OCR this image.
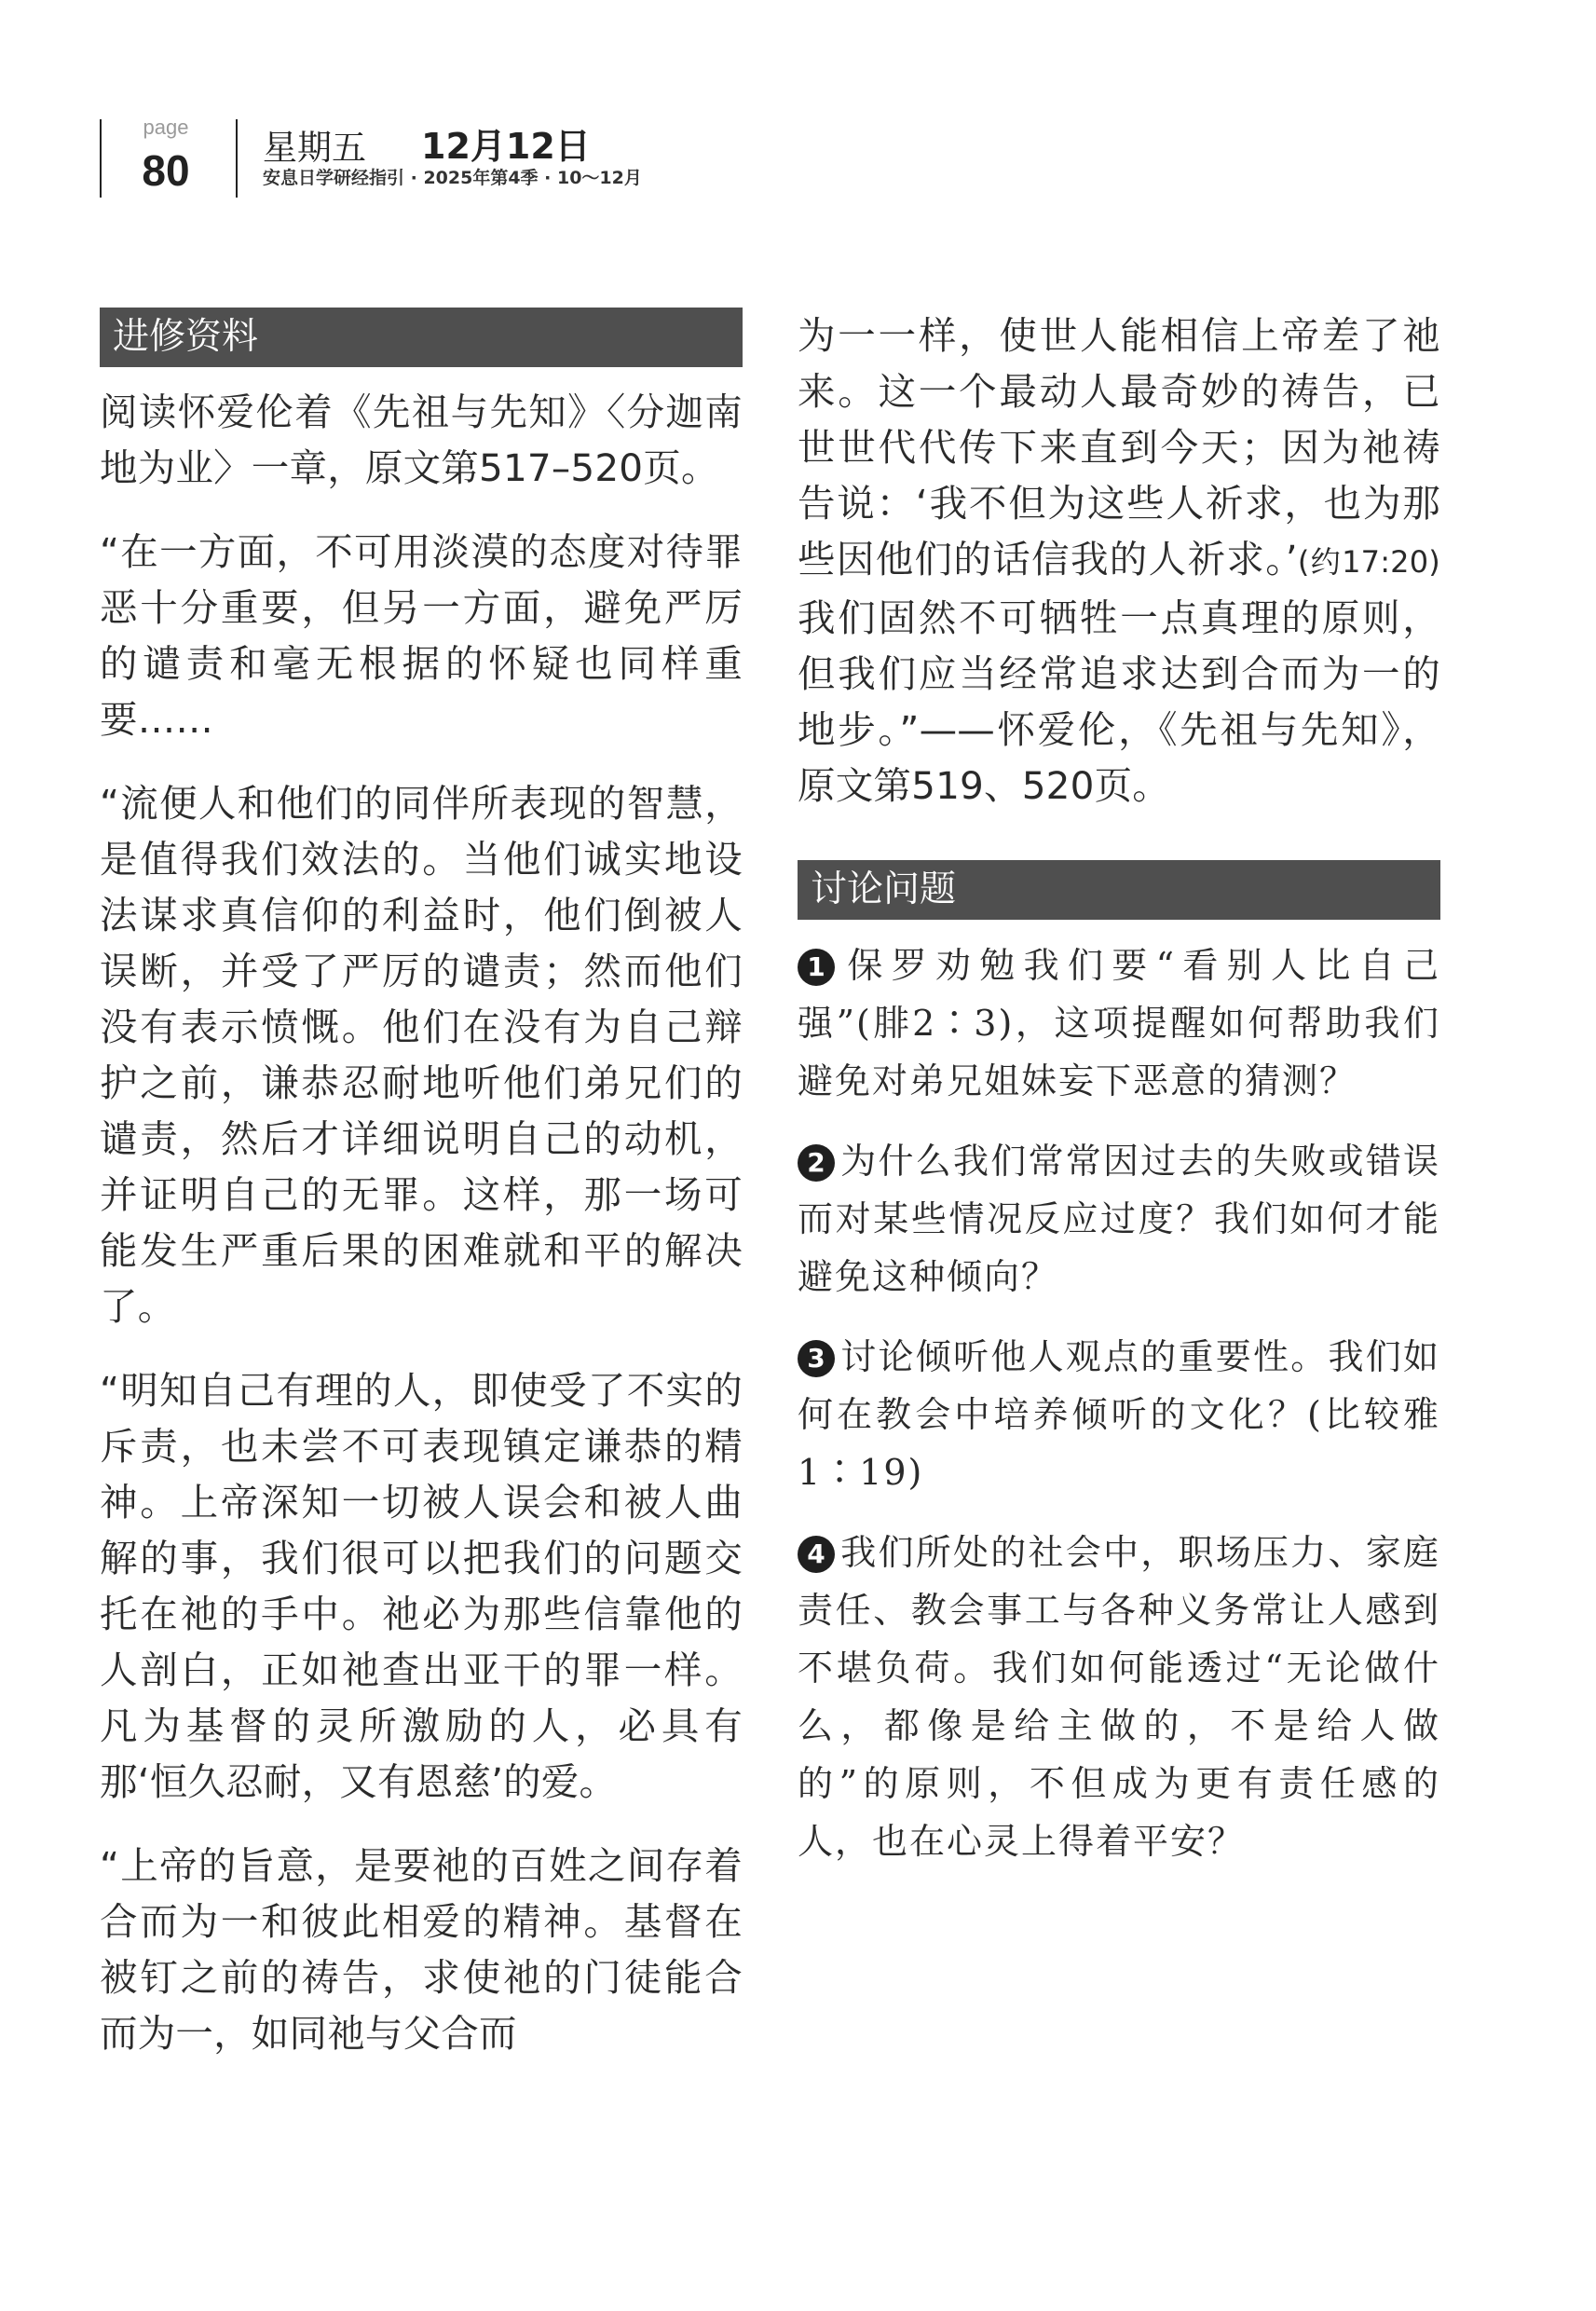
page
80	星期五 12月12日
安息日学研经指引 · 2025年第4季 · 10～12月
进修资料

阅读怀爱伦着《先祖与先知》〈分迦南地为业〉一章，原文第517–520页。

“在一方面，不可用淡漠的态度对待罪恶十分重要，但另一方面，避免严厉的谴责和毫无根据的怀疑也同样重要……

“流便人和他们的同伴所表现的智慧，是值得我们效法的。当他们诚实地设法谋求真信仰的利益时，他们倒被人误断，并受了严厉的谴责；然而他们没有表示愤慨。他们在没有为自己辩护之前，谦恭忍耐地听他们弟兄们的谴责，然后才详细说明自己的动机，并证明自己的无罪。这样，那一场可能发生严重后果的困难就和平的解决了。

“明知自己有理的人，即使受了不实的斥责，也未尝不可表现镇定谦恭的精神。上帝深知一切被人误会和被人曲解的事，我们很可以把我们的问题交托在祂的手中。祂必为那些信靠他的人剖白，正如祂查出亚干的罪一样。凡为基督的灵所激励的人，必具有那‘恒久忍耐，又有恩慈’的爱。

“上帝的旨意，是要祂的百姓之间存着合而为一和彼此相爱的精神。基督在被钉之前的祷告，求使祂的门徒能合而为一，如同祂与父合而

为一一样，使世人能相信上帝差了祂来。这一个最动人最奇妙的祷告，已世世代代传下来直到今天；因为祂祷告说：‘我不但为这些人祈求，也为那些因他们的话信我的人祈求。’(约17:20)我们固然不可牺牲一点真理的原则，但我们应当经常追求达到合而为一的地步。”——怀爱伦，《先祖与先知》，原文第519、520页。

讨论问题

1 保罗劝勉我们要“看别人比自己强”(腓2∶3)，这项提醒如何帮助我们避免对弟兄姐妹妄下恶意的猜测？

2 为什么我们常常因过去的失败或错误而对某些情况反应过度？我们如何才能避免这种倾向？

3 讨论倾听他人观点的重要性。我们如何在教会中培养倾听的文化？(比较雅1∶19)

4 我们所处的社会中，职场压力、家庭责任、教会事工与各种义务常让人感到不堪负荷。我们如何能透过“无论做什么，都像是给主做的，不是给人做的”的原则，不但成为更有责任感的人，也在心灵上得着平安？
